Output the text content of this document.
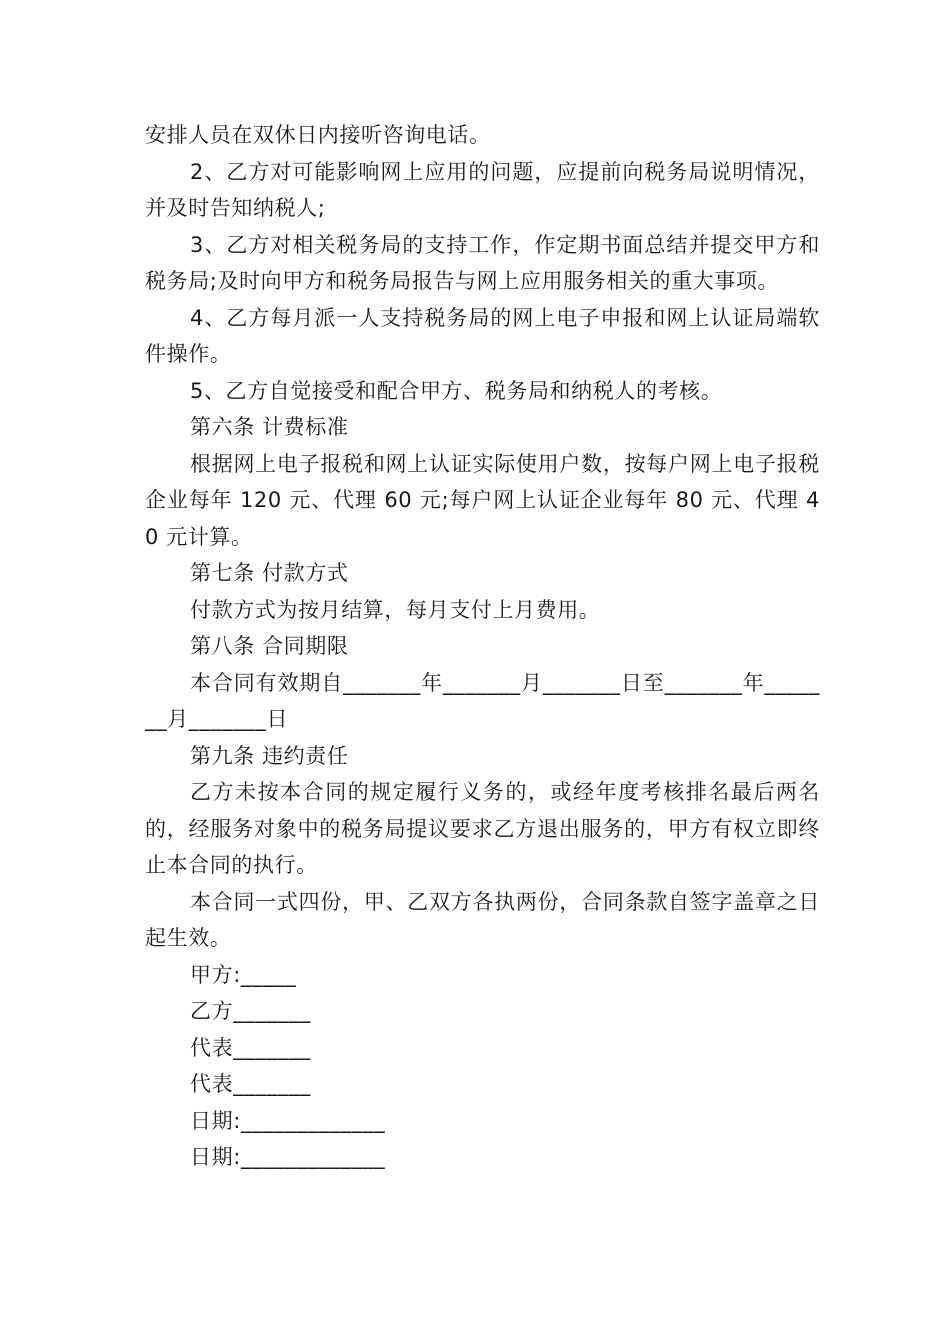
安排人员在双休日内接听咨询电话。

2、乙方对可能影响网上应用的问题，应提前向税务局说明情况，并及时告知纳税人;

3、乙方对相关税务局的支持工作，作定期书面总结并提交甲方和税务局;及时向甲方和税务局报告与网上应用服务相关的重大事项。

4、乙方每月派一人支持税务局的网上电子申报和网上认证局端软件操作。

5、乙方自觉接受和配合甲方、税务局和纳税人的考核。

第六条 计费标准

根据网上电子报税和网上认证实际使用户数，按每户网上电子报税企业每年 120 元、代理 60 元;每户网上认证企业每年 80 元、代理 40 元计算。

第七条 付款方式

付款方式为按月结算，每月支付上月费用。

第八条 合同期限

本合同有效期自_______年_______月_______日至_______年_______月_______日

第九条 违约责任

乙方未按本合同的规定履行义务的，或经年度考核排名最后两名的，经服务对象中的税务局提议要求乙方退出服务的，甲方有权立即终止本合同的执行。

本合同一式四份，甲、乙双方各执两份，合同条款自签字盖章之日起生效。

甲方:_____

乙方_______

代表_______

代表_______

日期:_____________

日期:_____________
